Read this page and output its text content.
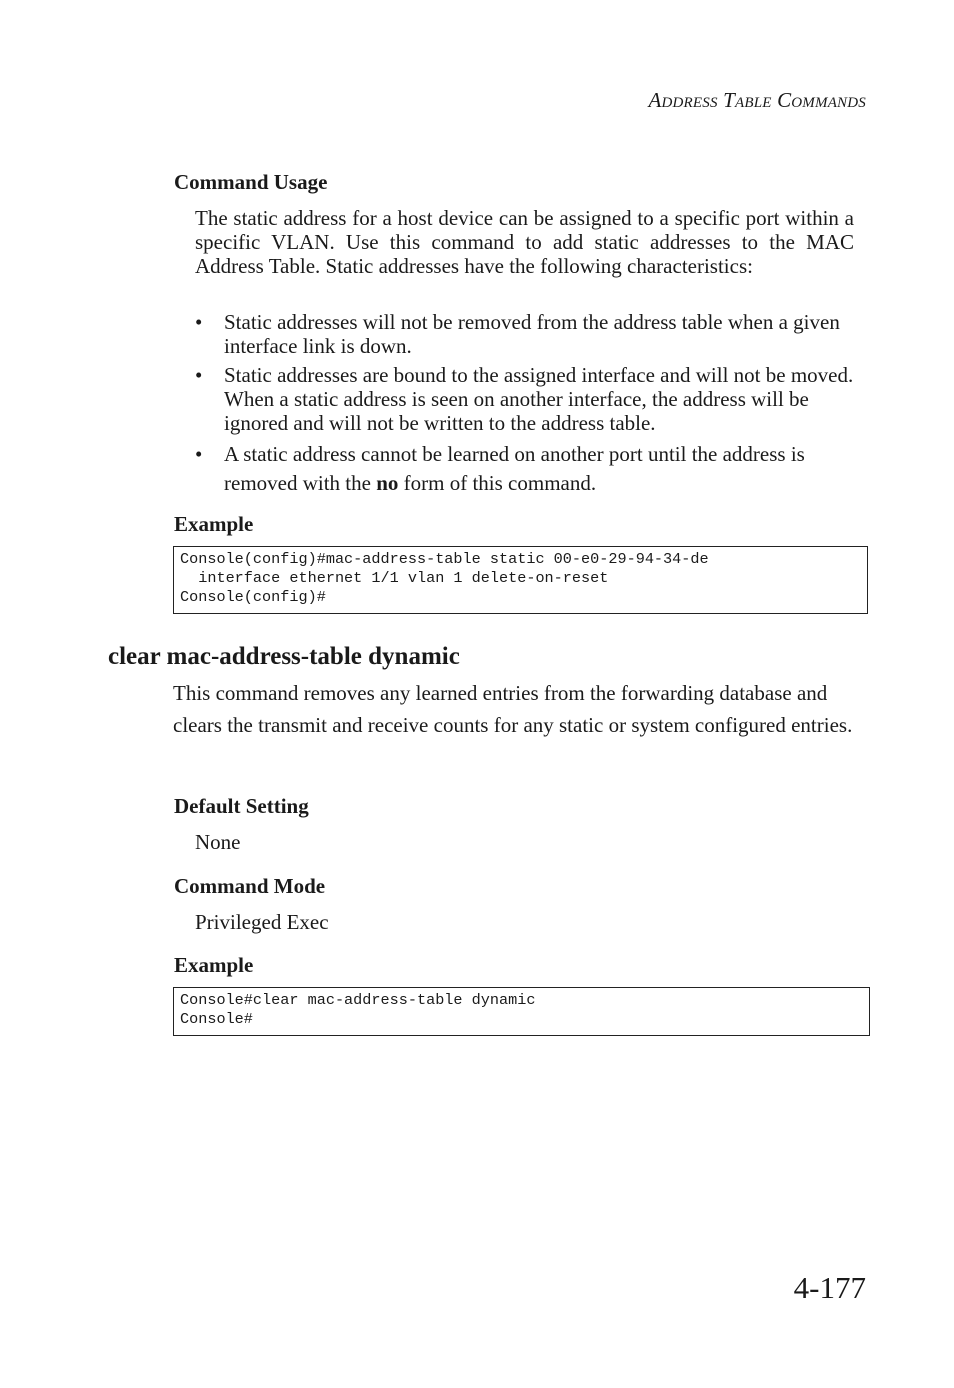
Address Table Commands
Command Usage
The static address for a host device can be assigned to a specific port within a specific VLAN. Use this command to add static addresses to the MAC Address Table. Static addresses have the following characteristics:
• Static addresses will not be removed from the address table when a given interface link is down.
• Static addresses are bound to the assigned interface and will not be moved. When a static address is seen on another interface, the address will be ignored and will not be written to the address table.
• A static address cannot be learned on another port until the address is removed with the no form of this command.
Example
Console(config)#mac-address-table static 00-e0-29-94-34-de
interface ethernet 1/1 vlan 1 delete-on-reset
Console(config)#
clear mac-address-table dynamic
This command removes any learned entries from the forwarding database and clears the transmit and receive counts for any static or system configured entries.
Default Setting
None
Command Mode
Privileged Exec
Example
Console#clear mac-address-table dynamic
Console#
4-177
